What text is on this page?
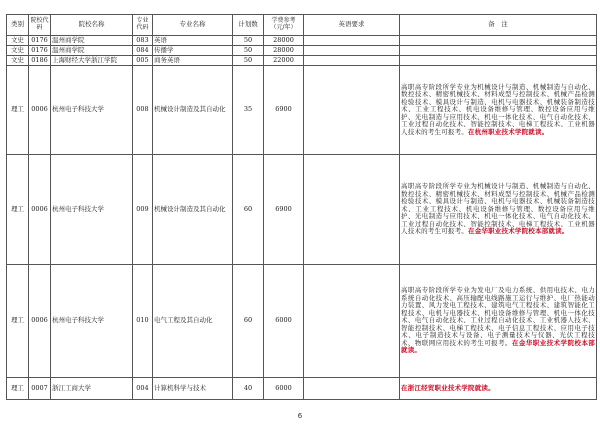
类别	院校代码	院校名称	专业代码	专业名称	计划数	学费参考（元/年）	英语要求	备　注
文史	0176	温州商学院	083	英语	50	28000		
文史	0176	温州商学院	084	传播学	50	28000		
文史	0186	上海财经大学浙江学院	005	商务英语	50	22000		
理工	0006	杭州电子科技大学	008	机械设计制造及其自动化	35	6900		高职高专阶段所学专业为机械设计与制造、机械制造与自动化、数控技术、精密机械技术、材料成型与控制技术、机械产品检测检验技术、模具设计与制造、电机与电器技术、机械装备制造技术、工业工程技术、机电设备维修与管理、数控设备应用与维护、光电制造与应用技术、机电一体化技术、电气自动化技术、工业过程自动化技术、智能控制技术、电梯工程技术、工业机器人技术的考生可报考。在杭州职业技术学院就读。
理工	0006	杭州电子科技大学	009	机械设计制造及其自动化	60	6900		高职高专阶段所学专业为机械设计与制造、机械制造与自动化、数控技术、精密机械技术、材料成型与控制技术、机械产品检测检验技术、模具设计与制造、电机与电器技术、机械装备制造技术、工业工程技术、机电设备维修与管理、数控设备应用与维护、光电制造与应用技术、机电一体化技术、电气自动化技术、工业过程自动化技术、智能控制技术、电梯工程技术、工业机器人技术的考生可报考。在金华职业技术学院校本部就读。
理工	0006	杭州电子科技大学	010	电气工程及其自动化	60	6000		高职高专阶段所学专业为发电厂及电力系统、供用电技术、电力系统自动化技术、高压输配电线路施工运行与维护、电厂热能动力装置、风力发电工程技术、建筑电气工程技术、建筑智能化工程技术、电机与电器技术、机电设备维修与管理、机电一体化技术、电气自动化技术、工业过程自动化技术、工业机器人技术、智能控制技术、电梯工程技术、电子信息工程技术、应用电子技术、电子制造技术与设备、电子测量技术与仪器、光伏工程技术、物联网应用技术的考生可报考。在金华职业技术学院校本部就读。
理工	0007	浙江工商大学	004	计算机科学与技术	40	6000		在浙江经贸职业技术学院就读。
6
